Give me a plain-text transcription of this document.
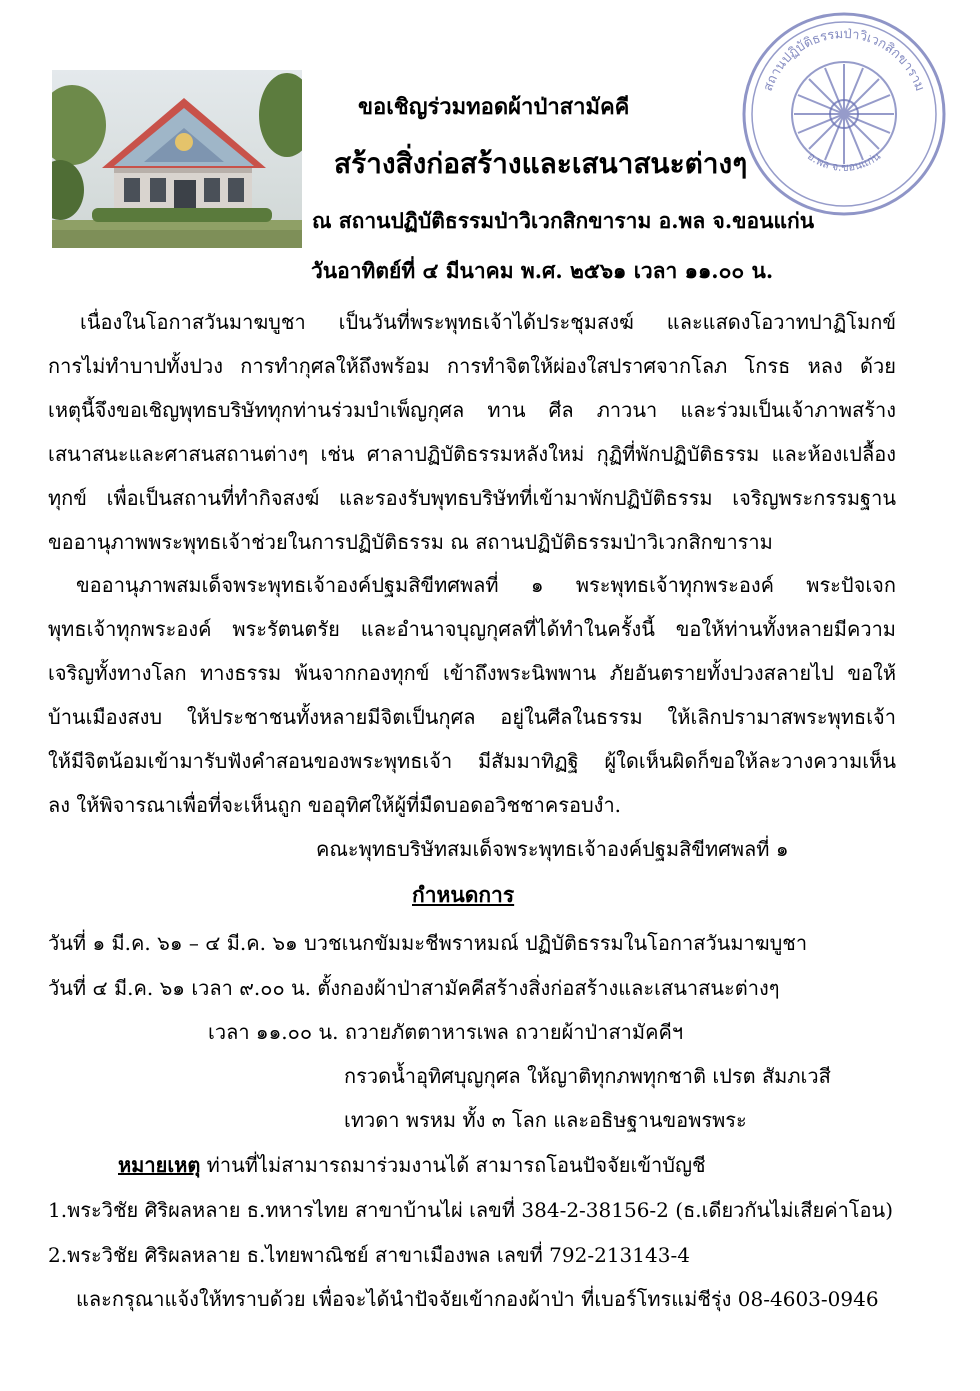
สถานปฏิบัติธรรมป่าวิเวกสิกขาราม
อ.พล จ.ขอนแก่น
ขอเชิญร่วมทอดผ้าป่าสามัคคี
สร้างสิ่งก่อสร้างและเสนาสนะต่างๆ
ณ สถานปฏิบัติธรรมป่าวิเวกสิกขาราม อ.พล จ.ขอนแก่น
วันอาทิตย์ที่ ๔ มีนาคม พ.ศ. ๒๕๖๑ เวลา ๑๑.๐๐ น.
เนื่องในโอกาสวันมาฆบูชา เป็นวันที่พระพุทธเจ้าได้ประชุมสงฆ์ และแสดงโอวาทปาฏิโมกข์
การไม่ทำบาปทั้งปวง การทำกุศลให้ถึงพร้อม การทำจิตให้ผ่องใสปราศจากโลภ โกรธ หลง ด้วย
เหตุนี้จึงขอเชิญพุทธบริษัททุกท่านร่วมบำเพ็ญกุศล ทาน ศีล ภาวนา และร่วมเป็นเจ้าภาพสร้าง
เสนาสนะและศาสนสถานต่างๆ เช่น ศาลาปฏิบัติธรรมหลังใหม่ กุฏิที่พักปฏิบัติธรรม และห้องเปลื้อง
ทุกข์ เพื่อเป็นสถานที่ทำกิจสงฆ์ และรองรับพุทธบริษัทที่เข้ามาพักปฏิบัติธรรม เจริญพระกรรมฐาน
ขออานุภาพพระพุทธเจ้าช่วยในการปฏิบัติธรรม ณ สถานปฏิบัติธรรมป่าวิเวกสิกขาราม
ขออานุภาพสมเด็จพระพุทธเจ้าองค์ปฐมสิขีทศพลที่ ๑ พระพุทธเจ้าทุกพระองค์ พระปัจเจก
พุทธเจ้าทุกพระองค์ พระรัตนตรัย และอำนาจบุญกุศลที่ได้ทำในครั้งนี้ ขอให้ท่านทั้งหลายมีความ
เจริญทั้งทางโลก ทางธรรม พ้นจากกองทุกข์ เข้าถึงพระนิพพาน ภัยอันตรายทั้งปวงสลายไป ขอให้
บ้านเมืองสงบ ให้ประชาชนทั้งหลายมีจิตเป็นกุศล อยู่ในศีลในธรรม ให้เลิกปรามาสพระพุทธเจ้า
ให้มีจิตน้อมเข้ามารับฟังคำสอนของพระพุทธเจ้า มีสัมมาทิฏฐิ ผู้ใดเห็นผิดก็ขอให้ละวางความเห็น
ลง ให้พิจารณาเพื่อที่จะเห็นถูก ขออุทิศให้ผู้ที่มืดบอดอวิชชาครอบงำ.
คณะพุทธบริษัทสมเด็จพระพุทธเจ้าองค์ปฐมสิขีทศพลที่ ๑
กำหนดการ
วันที่ ๑ มี.ค. ๖๑ – ๔ มี.ค. ๖๑ บวชเนกขัมมะชีพราหมณ์ ปฏิบัติธรรมในโอกาสวันมาฆบูชา
วันที่ ๔ มี.ค. ๖๑ เวลา ๙.๐๐ น. ตั้งกองผ้าป่าสามัคคีสร้างสิ่งก่อสร้างและเสนาสนะต่างๆ
เวลา ๑๑.๐๐ น. ถวายภัตตาหารเพล ถวายผ้าป่าสามัคคีฯ
กรวดน้ำอุทิศบุญกุศล ให้ญาติทุกภพทุกชาติ เปรต สัมภเวสี
เทวดา พรหม ทั้ง ๓ โลก และอธิษฐานขอพรพระ
หมายเหตุ ท่านที่ไม่สามารถมาร่วมงานได้ สามารถโอนปัจจัยเข้าบัญชี
1.พระวิชัย ศิริผลหลาย ธ.ทหารไทย สาขาบ้านไผ่ เลขที่ 384-2-38156-2 (ธ.เดียวกันไม่เสียค่าโอน)
2.พระวิชัย ศิริผลหลาย ธ.ไทยพาณิชย์ สาขาเมืองพล เลขที่ 792-213143-4
และกรุณาแจ้งให้ทราบด้วย เพื่อจะได้นำปัจจัยเข้ากองผ้าป่า ที่เบอร์โทรแม่ชีรุ่ง 08-4603-0946
